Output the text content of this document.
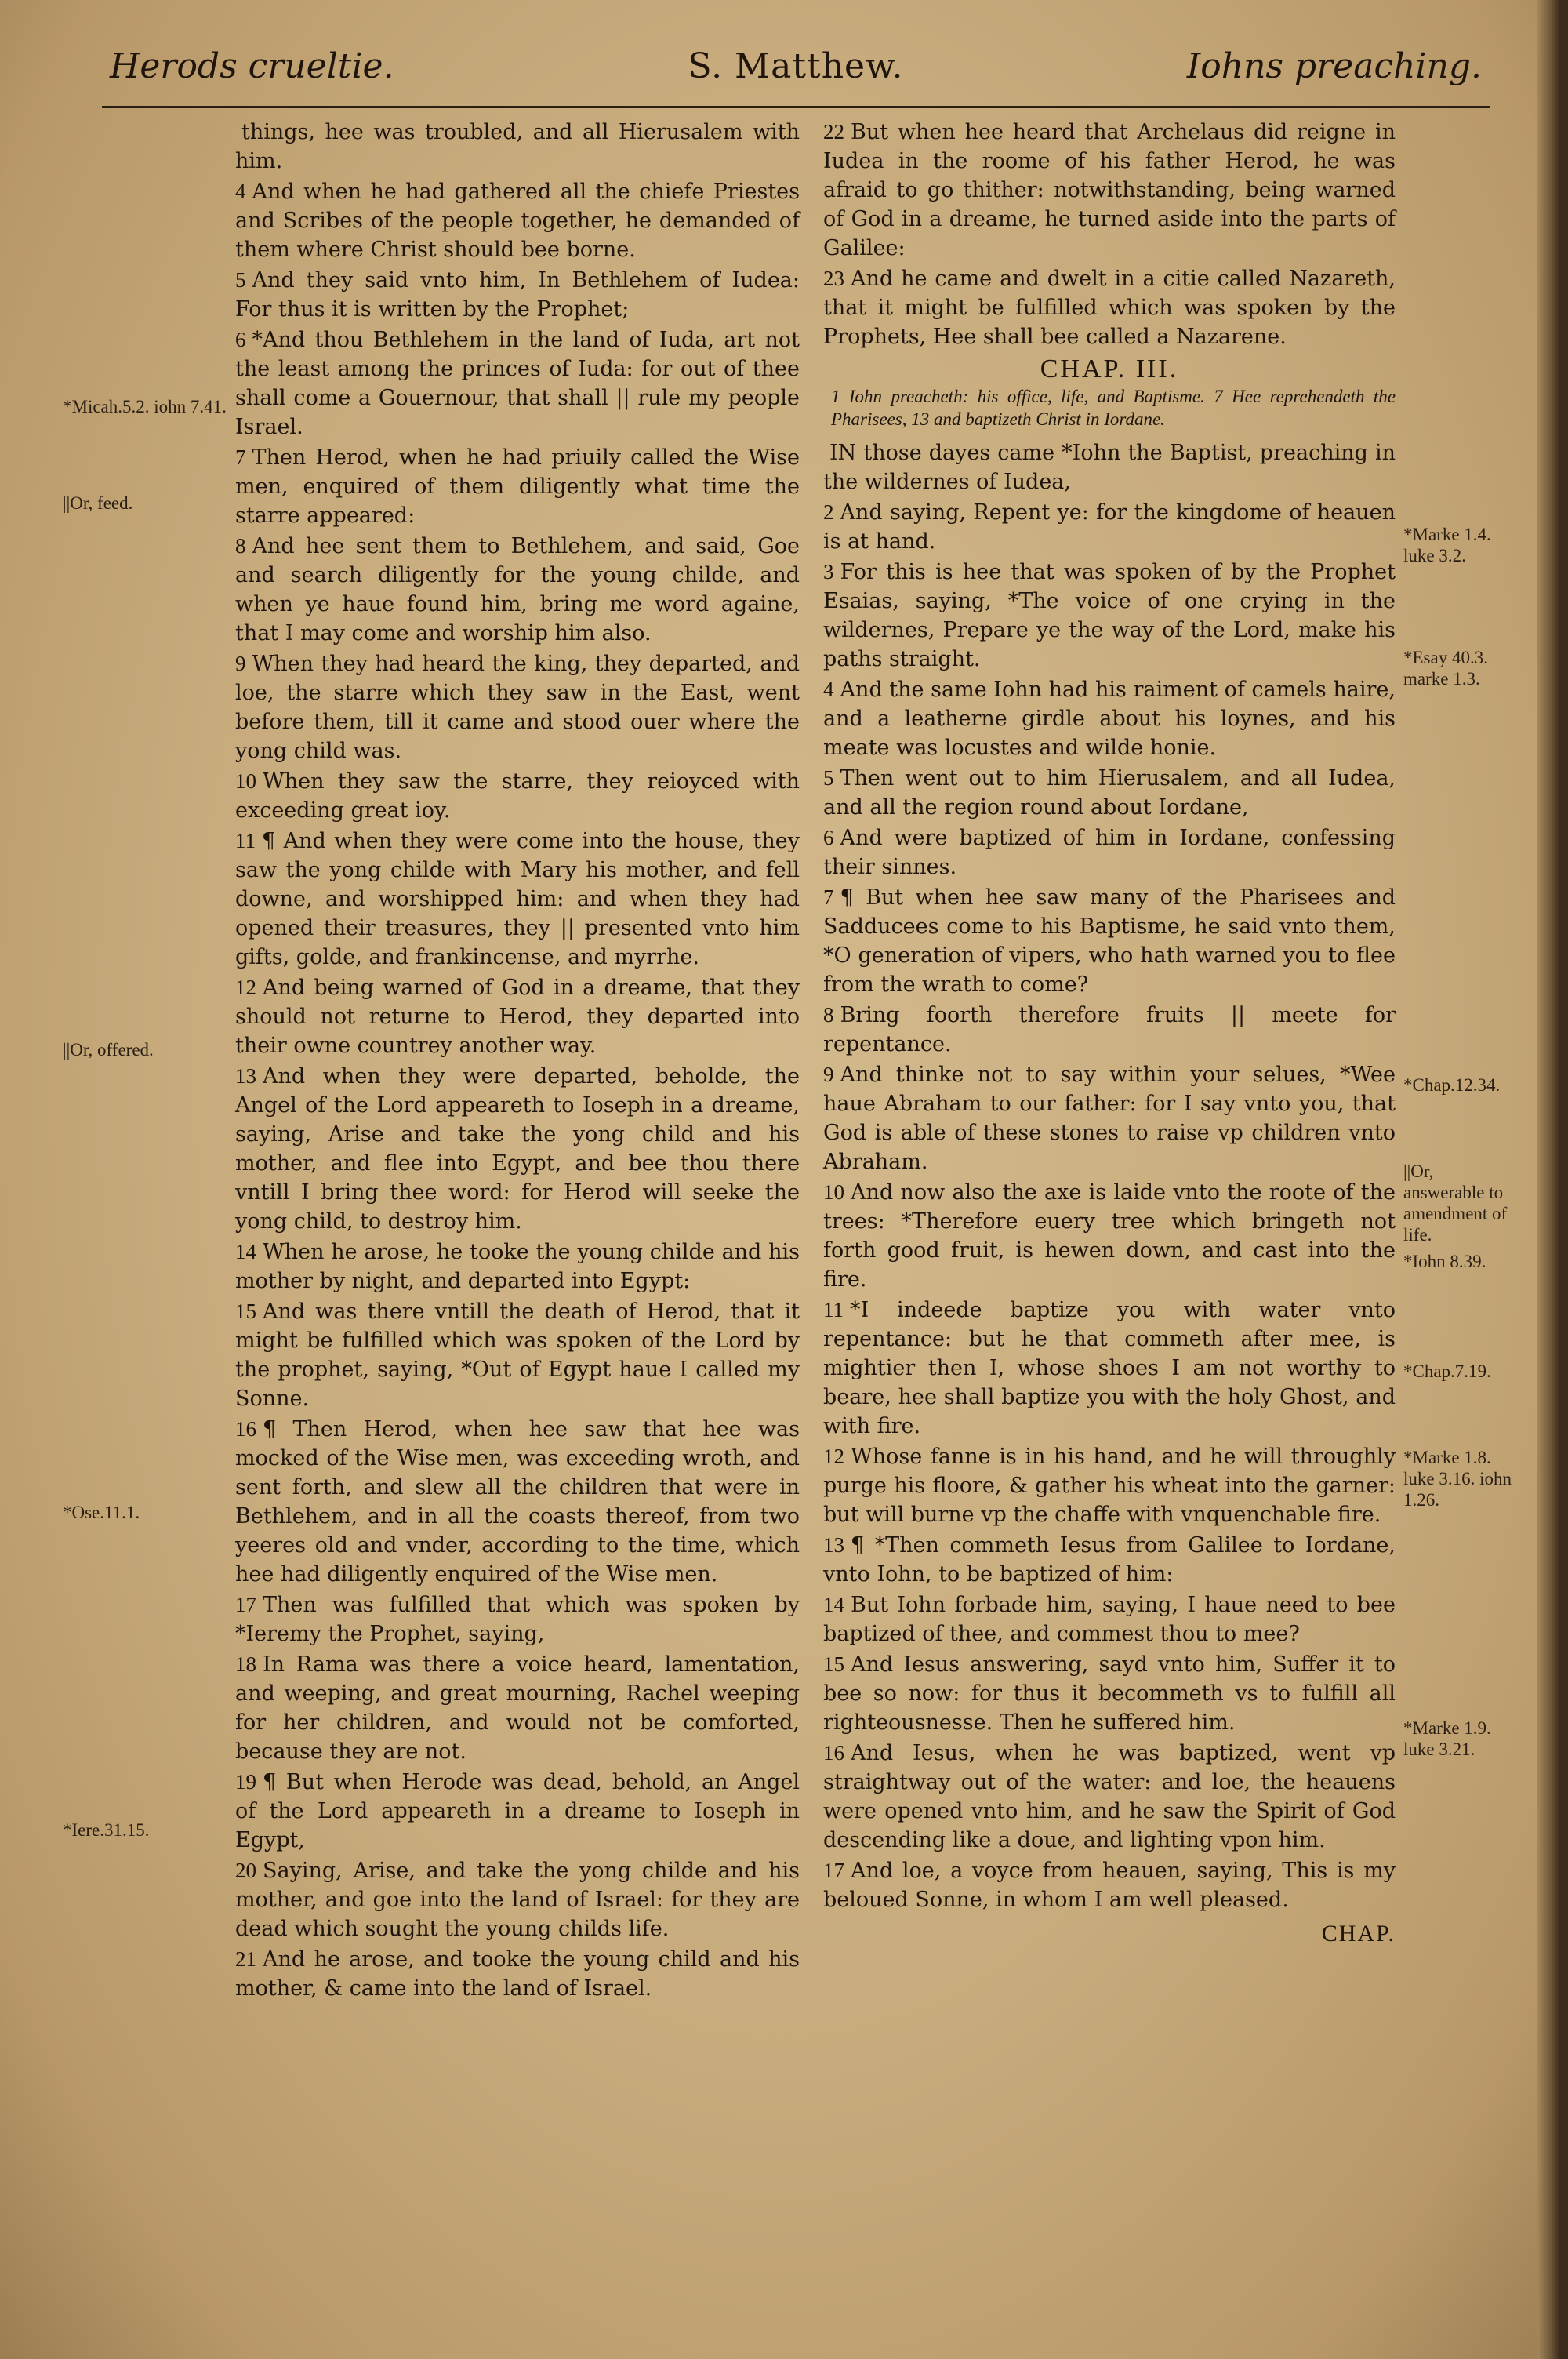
Herods crueltie.	S. Matthew.	Iohns preaching.
*Micah.5.2. iohn 7.41.
||Or, feed.
||Or, offered.
*Ose.11.1.
*Iere.31.15.
*Marke 1.4. luke 3.2.
*Esay 40.3. marke 1.3.
*Chap.12.34.
||Or, answerable to amendment of life.
*Iohn 8.39.
*Chap.7.19.
*Marke 1.8. luke 3.16. iohn 1.26.
*Marke 1.9. luke 3.21.

things, hee was troubled, and all Hierusalem with him.

4 And when he had gathered all the chiefe Priestes and Scribes of the people together, he demanded of them where Christ should bee borne.

5 And they said vnto him, In Bethlehem of Iudea: For thus it is written by the Prophet;

6 *And thou Bethlehem in the land of Iuda, art not the least among the princes of Iuda: for out of thee shall come a Gouernour, that shall || rule my people Israel.

7 Then Herod, when he had priuily called the Wise men, enquired of them diligently what time the starre appeared:

8 And hee sent them to Bethlehem, and said, Goe and search diligently for the young childe, and when ye haue found him, bring me word againe, that I may come and worship him also.

9 When they had heard the king, they departed, and loe, the starre which they saw in the East, went before them, till it came and stood ouer where the yong child was.

10 When they saw the starre, they reioyced with exceeding great ioy.

11 ¶ And when they were come into the house, they saw the yong childe with Mary his mother, and fell downe, and worshipped him: and when they had opened their treasures, they || presented vnto him gifts, golde, and frankincense, and myrrhe.

12 And being warned of God in a dreame, that they should not returne to Herod, they departed into their owne countrey another way.

13 And when they were departed, beholde, the Angel of the Lord appeareth to Ioseph in a dreame, saying, Arise and take the yong child and his mother, and flee into Egypt, and bee thou there vntill I bring thee word: for Herod will seeke the yong child, to destroy him.

14 When he arose, he tooke the young childe and his mother by night, and departed into Egypt:

15 And was there vntill the death of Herod, that it might be fulfilled which was spoken of the Lord by the prophet, saying, *Out of Egypt haue I called my Sonne.

16 ¶ Then Herod, when hee saw that hee was mocked of the Wise men, was exceeding wroth, and sent forth, and slew all the children that were in Bethlehem, and in all the coasts thereof, from two yeeres old and vnder, according to the time, which hee had diligently enquired of the Wise men.

17 Then was fulfilled that which was spoken by *Ieremy the Prophet, saying,

18 In Rama was there a voice heard, lamentation, and weeping, and great mourning, Rachel weeping for her children, and would not be comforted, because they are not.

19 ¶ But when Herode was dead, behold, an Angel of the Lord appeareth in a dreame to Ioseph in Egypt,

20 Saying, Arise, and take the yong childe and his mother, and goe into the land of Israel: for they are dead which sought the young childs life.

21 And he arose, and tooke the young child and his mother, & came into the land of Israel.

22 But when hee heard that Archelaus did reigne in Iudea in the roome of his father Herod, he was afraid to go thither: notwithstanding, being warned of God in a dreame, he turned aside into the parts of Galilee:

23 And he came and dwelt in a citie called Nazareth, that it might be fulfilled which was spoken by the Prophets, Hee shall bee called a Nazarene.

CHAP. III.
1 Iohn preacheth: his office, life, and Baptisme. 7 Hee reprehendeth the Pharisees, 13 and baptizeth Christ in Iordane.

IN those dayes came *Iohn the Baptist, preaching in the wildernes of Iudea,

2 And saying, Repent ye: for the kingdome of heauen is at hand.

3 For this is hee that was spoken of by the Prophet Esaias, saying, *The voice of one crying in the wildernes, Prepare ye the way of the Lord, make his paths straight.

4 And the same Iohn had his raiment of camels haire, and a leatherne girdle about his loynes, and his meate was locustes and wilde honie.

5 Then went out to him Hierusalem, and all Iudea, and all the region round about Iordane,

6 And were baptized of him in Iordane, confessing their sinnes.

7 ¶ But when hee saw many of the Pharisees and Sadducees come to his Baptisme, he said vnto them, *O generation of vipers, who hath warned you to flee from the wrath to come?

8 Bring foorth therefore fruits || meete for repentance.

9 And thinke not to say within your selues, *Wee haue Abraham to our father: for I say vnto you, that God is able of these stones to raise vp children vnto Abraham.

10 And now also the axe is laide vnto the roote of the trees: *Therefore euery tree which bringeth not forth good fruit, is hewen down, and cast into the fire.

11 *I indeede baptize you with water vnto repentance: but he that commeth after mee, is mightier then I, whose shoes I am not worthy to beare, hee shall baptize you with the holy Ghost, and with fire.

12 Whose fanne is in his hand, and he will throughly purge his floore, & gather his wheat into the garner: but will burne vp the chaffe with vnquenchable fire.

13 ¶ *Then commeth Iesus from Galilee to Iordane, vnto Iohn, to be baptized of him:

14 But Iohn forbade him, saying, I haue need to bee baptized of thee, and commest thou to mee?

15 And Iesus answering, sayd vnto him, Suffer it to bee so now: for thus it becommeth vs to fulfill all righteousnesse. Then he suffered him.

16 And Iesus, when he was baptized, went vp straightway out of the water: and loe, the heauens were opened vnto him, and he saw the Spirit of God descending like a doue, and lighting vpon him.

17 And loe, a voyce from heauen, saying, This is my beloued Sonne, in whom I am well pleased.

CHAP.
